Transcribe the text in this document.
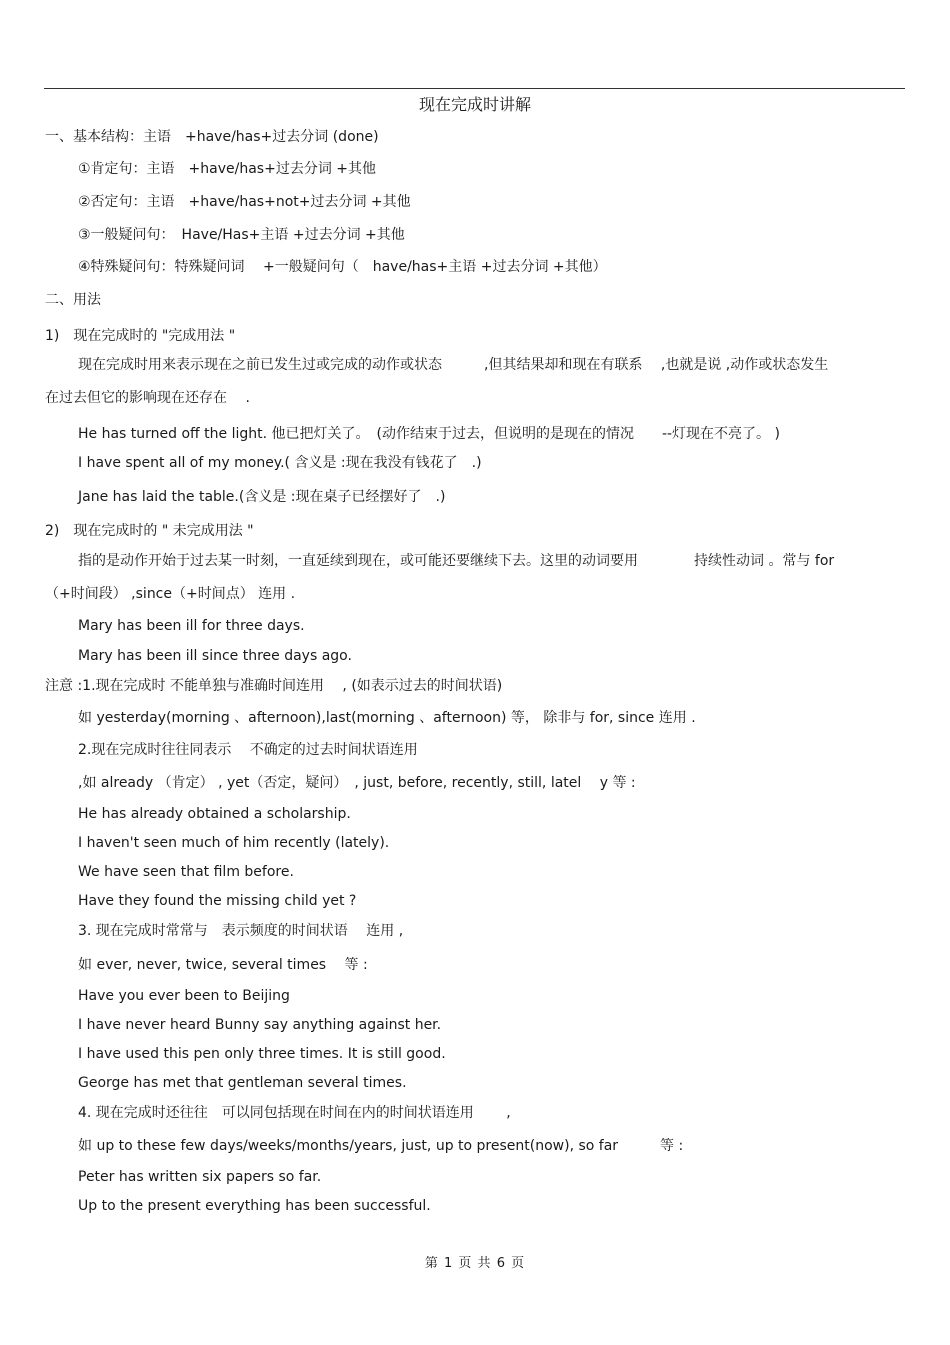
现在完成时讲解
一、基本结构：主语　+have/has+过去分词 (done)
①肯定句：主语　+have/has+过去分词 +其他
②否定句：主语　+have/has+not+过去分词 +其他
③一般疑问句：　Have/Has+主语 +过去分词 +其他
④特殊疑问句：特殊疑问词　 +一般疑问句（　have/has+主语 +过去分词 +其他）
二、用法
1)　现在完成时的 "完成用法 "
现在完成时用来表示现在之前已发生过或完成的动作或状态　　　,但其结果却和现在有联系　 ,也就是说 ,动作或状态发生
在过去但它的影响现在还存在　 .
He has turned off the light. 他已把灯关了。　(动作结束于过去，但说明的是现在的情况　　--灯现在不亮了。 )
I have spent all of my money.( 含义是 :现在我没有钱花了　.)
Jane has laid the table.(含义是 :现在桌子已经摆好了　.)
2)　现在完成时的 " 未完成用法 "
指的是动作开始于过去某一时刻，一直延续到现在，或可能还要继续下去。这里的动词要用　　　　持续性动词 。常与 for
（+时间段） ,since（+时间点） 连用 .
Mary has been ill for three days.
Mary has been ill since three days ago.
注意 :1.现在完成时 不能单独与准确时间连用　 , (如表示过去的时间状语)
如 yesterday(morning 、afternoon),last(morning 、afternoon) 等， 除非与 for, since 连用 .
2.现在完成时往往同表示　 不确定的过去时间状语连用
,如 already （肯定） , yet（否定，疑问）　, just, before, recently, still, latel　 y 等 :
He has already obtained a scholarship.
I haven't seen much of him recently (lately).
We have seen that film before.
Have they found the missing child yet ?
3. 现在完成时常常与　表示频度的时间状语　 连用 ,
如 ever, never, twice, several times　 等 :
Have you ever been to Beijing
I have never heard Bunny say anything against her.
I have used this pen only three times. It is still good.
George has met that gentleman several times.
4. 现在完成时还往往　可以同包括现在时间在内的时间状语连用　　 ,
如 up to these few days/weeks/months/years, just, up to present(now), so far　　　等 :
Peter has written six papers so far.
Up to the present everything has been successful.
第 1 页 共 6 页
